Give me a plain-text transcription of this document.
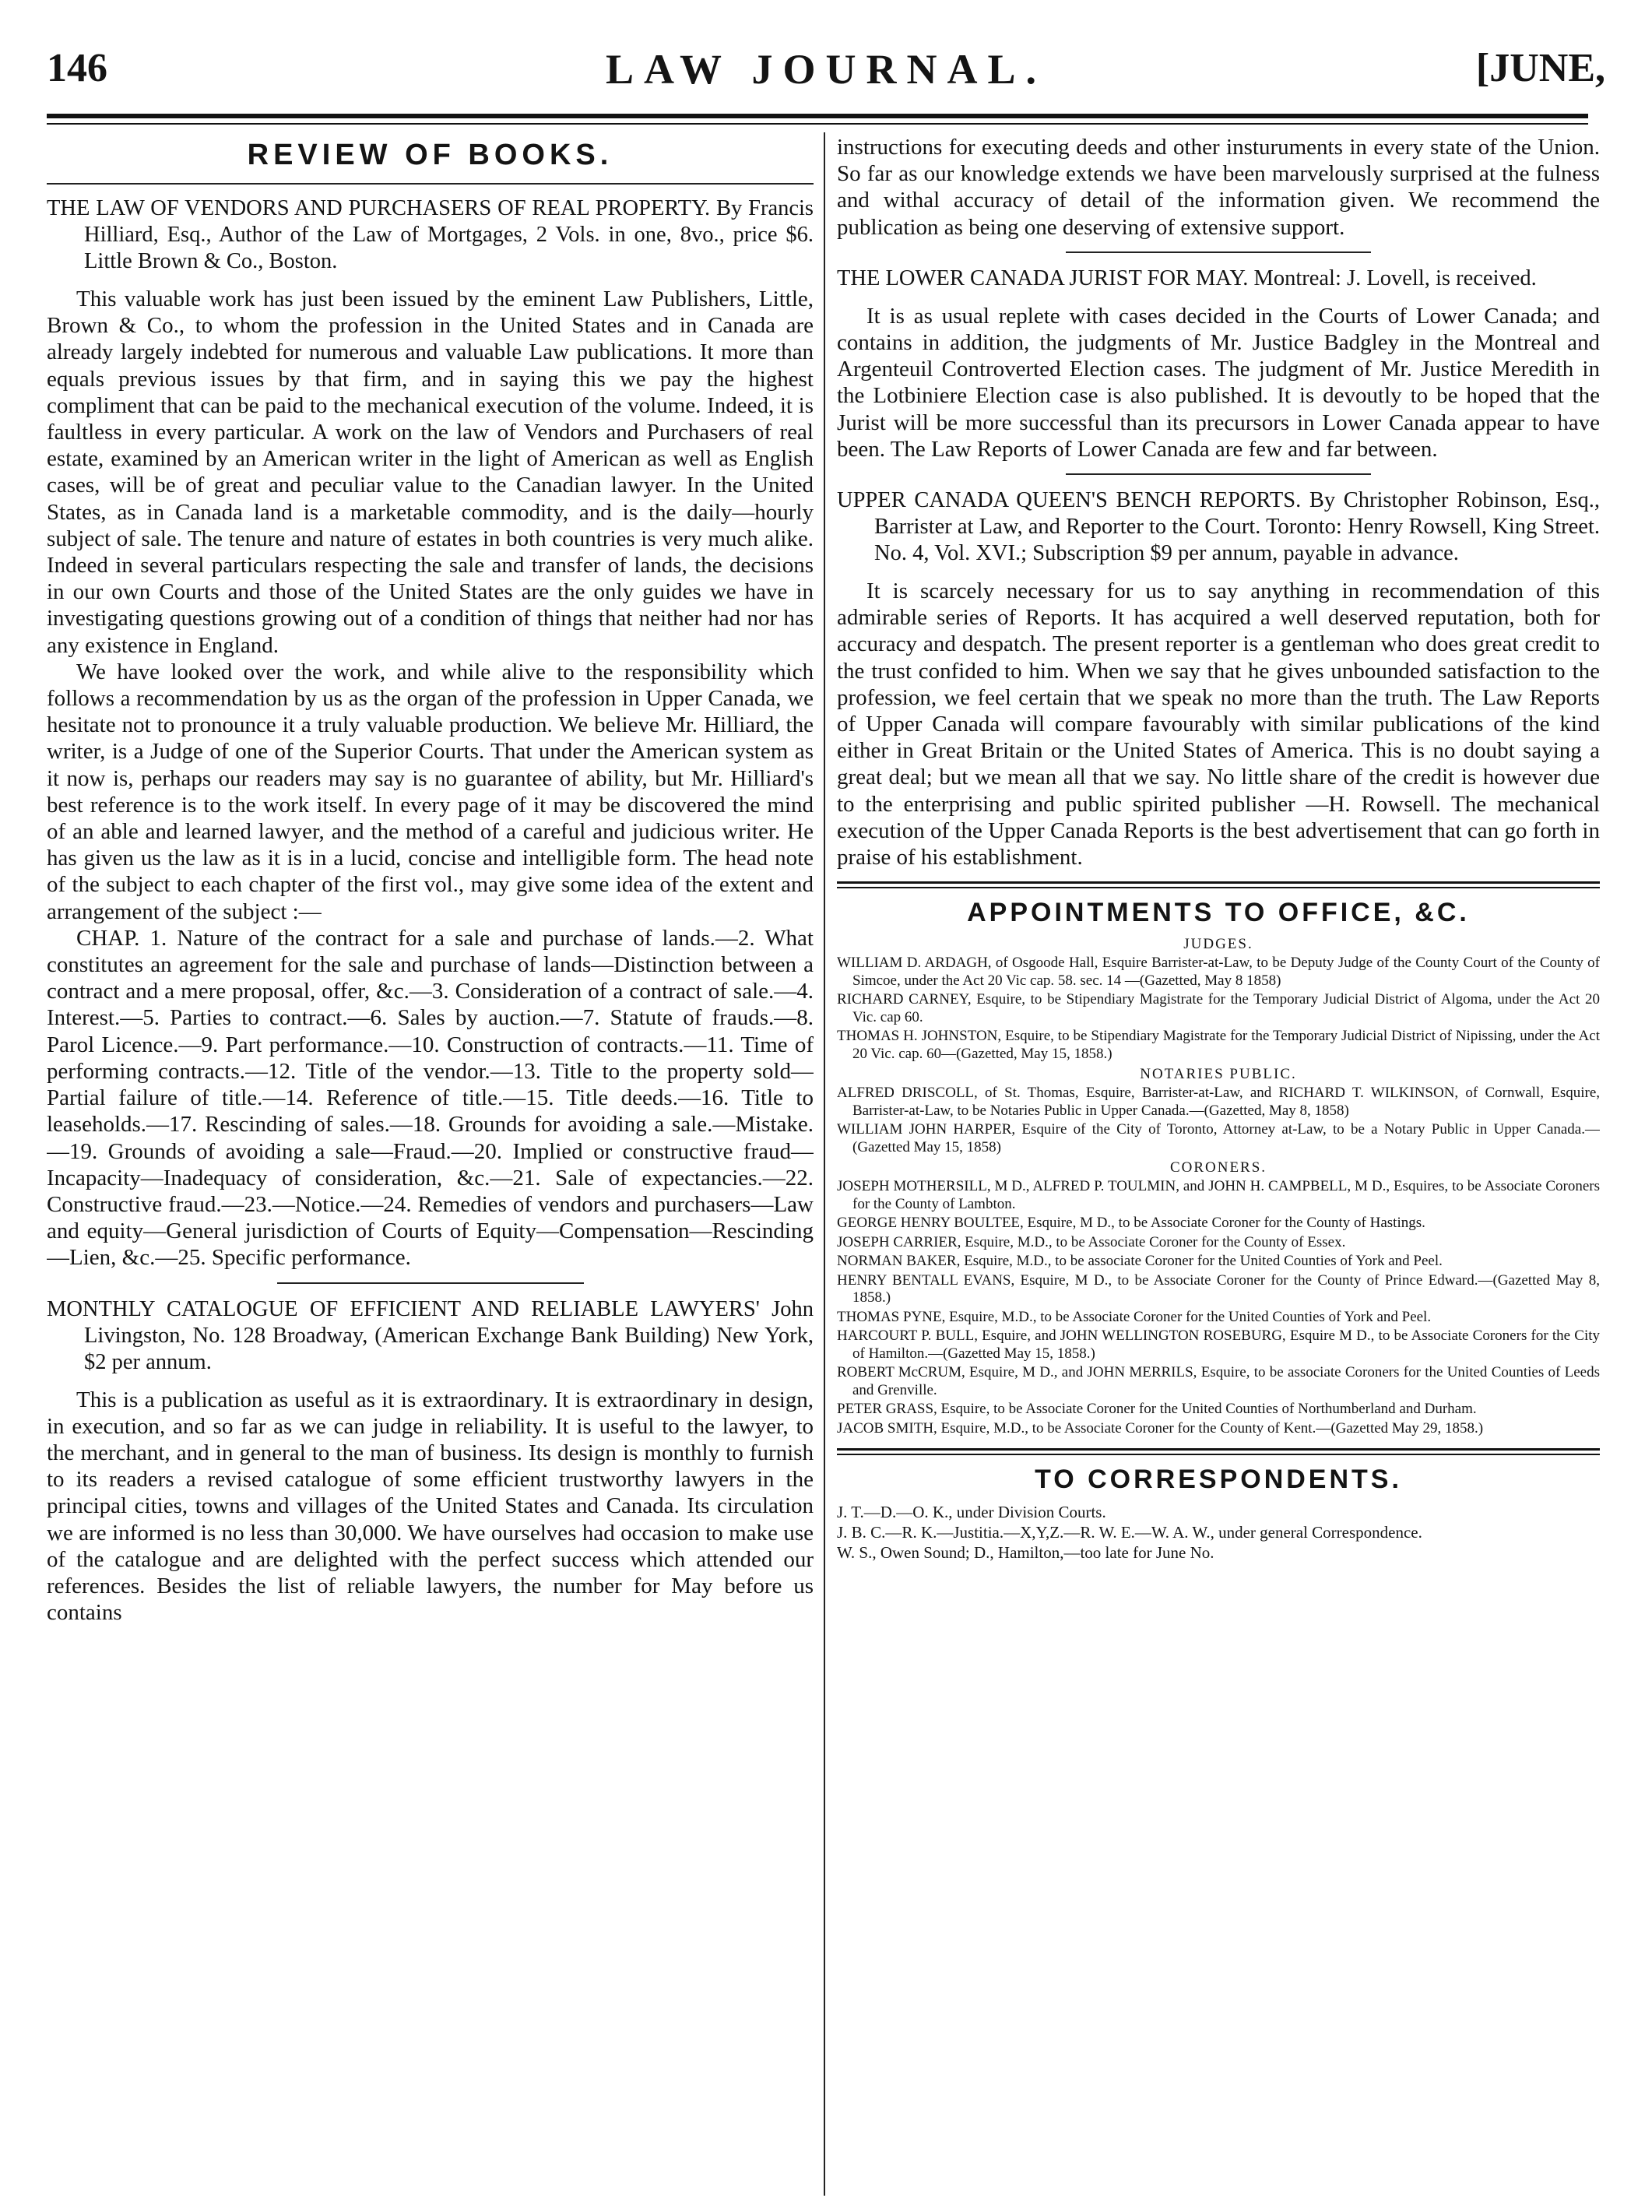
146	LAW JOURNAL.	[JUNE,
REVIEW OF BOOKS.

THE LAW OF VENDORS AND PURCHASERS OF REAL PROPERTY. By Francis Hilliard, Esq., Author of the Law of Mortgages, 2 Vols. in one, 8vo., price $6. Little Brown & Co., Boston.

This valuable work has just been issued by the eminent Law Publishers, Little, Brown & Co., to whom the profession in the United States and in Canada are already largely indebted for numerous and valuable Law publications. It more than equals previous issues by that firm, and in saying this we pay the highest compliment that can be paid to the mechanical execution of the volume. Indeed, it is faultless in every particular. A work on the law of Vendors and Purchasers of real estate, examined by an American writer in the light of American as well as English cases, will be of great and peculiar value to the Canadian lawyer. In the United States, as in Canada land is a marketable commodity, and is the daily—hourly subject of sale. The tenure and nature of estates in both countries is very much alike. Indeed in several particulars respecting the sale and transfer of lands, the decisions in our own Courts and those of the United States are the only guides we have in investigating questions growing out of a condition of things that neither had nor has any existence in England.

We have looked over the work, and while alive to the responsibility which follows a recommendation by us as the organ of the profession in Upper Canada, we hesitate not to pronounce it a truly valuable production. We believe Mr. Hilliard, the writer, is a Judge of one of the Superior Courts. That under the American system as it now is, perhaps our readers may say is no guarantee of ability, but Mr. Hilliard's best reference is to the work itself. In every page of it may be discovered the mind of an able and learned lawyer, and the method of a careful and judicious writer. He has given us the law as it is in a lucid, concise and intelligible form. The head note of the subject to each chapter of the first vol., may give some idea of the extent and arrangement of the subject :—

CHAP. 1. Nature of the contract for a sale and purchase of lands.—2. What constitutes an agreement for the sale and purchase of lands—Distinction between a contract and a mere proposal, offer, &c.—3. Consideration of a contract of sale.—4. Interest.—5. Parties to contract.—6. Sales by auction.—7. Statute of frauds.—8. Parol Licence.—9. Part performance.—10. Construction of contracts.—11. Time of performing contracts.—12. Title of the vendor.—13. Title to the property sold—Partial failure of title.—14. Reference of title.—15. Title deeds.—16. Title to leaseholds.—17. Rescinding of sales.—18. Grounds for avoiding a sale.—Mistake.—19. Grounds of avoiding a sale—Fraud.—20. Implied or constructive fraud—Incapacity—Inadequacy of consideration, &c.—21. Sale of expectancies.—22. Constructive fraud.—23.—Notice.—24. Remedies of vendors and purchasers—Law and equity—General jurisdiction of Courts of Equity—Compensation—Rescinding—Lien, &c.—25. Specific performance.

MONTHLY CATALOGUE OF EFFICIENT AND RELIABLE LAWYERS' John Livingston, No. 128 Broadway, (American Exchange Bank Building) New York, $2 per annum.

This is a publication as useful as it is extraordinary. It is extraordinary in design, in execution, and so far as we can judge in reliability. It is useful to the lawyer, to the merchant, and in general to the man of business. Its design is monthly to furnish to its readers a revised catalogue of some efficient trustworthy lawyers in the principal cities, towns and villages of the United States and Canada. Its circulation we are informed is no less than 30,000. We have ourselves had occasion to make use of the catalogue and are delighted with the perfect success which attended our references. Besides the list of reliable lawyers, the number for May before us contains

instructions for executing deeds and other insturuments in every state of the Union. So far as our knowledge extends we have been marvelously surprised at the fulness and withal accuracy of detail of the information given. We recommend the publication as being one deserving of extensive support.

THE LOWER CANADA JURIST FOR MAY. Montreal: J. Lovell, is received.

It is as usual replete with cases decided in the Courts of Lower Canada; and contains in addition, the judgments of Mr. Justice Badgley in the Montreal and Argenteuil Controverted Election cases. The judgment of Mr. Justice Meredith in the Lotbiniere Election case is also published. It is devoutly to be hoped that the Jurist will be more successful than its precursors in Lower Canada appear to have been. The Law Reports of Lower Canada are few and far between.

UPPER CANADA QUEEN'S BENCH REPORTS. By Christopher Robinson, Esq., Barrister at Law, and Reporter to the Court. Toronto: Henry Rowsell, King Street. No. 4, Vol. XVI.; Subscription $9 per annum, payable in advance.

It is scarcely necessary for us to say anything in recommendation of this admirable series of Reports. It has acquired a well deserved reputation, both for accuracy and despatch. The present reporter is a gentleman who does great credit to the trust confided to him. When we say that he gives unbounded satisfaction to the profession, we feel certain that we speak no more than the truth. The Law Reports of Upper Canada will compare favourably with similar publications of the kind either in Great Britain or the United States of America. This is no doubt saying a great deal; but we mean all that we say. No little share of the credit is however due to the enterprising and public spirited publisher —H. Rowsell. The mechanical execution of the Upper Canada Reports is the best advertisement that can go forth in praise of his establishment.

APPOINTMENTS TO OFFICE, &C.
JUDGES.

WILLIAM D. ARDAGH, of Osgoode Hall, Esquire Barrister-at-Law, to be Deputy Judge of the County Court of the County of Simcoe, under the Act 20 Vic cap. 58. sec. 14 —(Gazetted, May 8 1858)

RICHARD CARNEY, Esquire, to be Stipendiary Magistrate for the Temporary Judicial District of Algoma, under the Act 20 Vic. cap 60.

THOMAS H. JOHNSTON, Esquire, to be Stipendiary Magistrate for the Temporary Judicial District of Nipissing, under the Act 20 Vic. cap. 60—(Gazetted, May 15, 1858.)

NOTARIES PUBLIC.

ALFRED DRISCOLL, of St. Thomas, Esquire, Barrister-at-Law, and RICHARD T. WILKINSON, of Cornwall, Esquire, Barrister-at-Law, to be Notaries Public in Upper Canada.—(Gazetted, May 8, 1858)

WILLIAM JOHN HARPER, Esquire of the City of Toronto, Attorney at-Law, to be a Notary Public in Upper Canada.—(Gazetted May 15, 1858)

CORONERS.

JOSEPH MOTHERSILL, M D., ALFRED P. TOULMIN, and JOHN H. CAMPBELL, M D., Esquires, to be Associate Coroners for the County of Lambton.

GEORGE HENRY BOULTEE, Esquire, M D., to be Associate Coroner for the County of Hastings.

JOSEPH CARRIER, Esquire, M.D., to be Associate Coroner for the County of Essex.

NORMAN BAKER, Esquire, M.D., to be associate Coroner for the United Counties of York and Peel.

HENRY BENTALL EVANS, Esquire, M D., to be Associate Coroner for the County of Prince Edward.—(Gazetted May 8, 1858.)

THOMAS PYNE, Esquire, M.D., to be Associate Coroner for the United Counties of York and Peel.

HARCOURT P. BULL, Esquire, and JOHN WELLINGTON ROSEBURG, Esquire M D., to be Associate Coroners for the City of Hamilton.—(Gazetted May 15, 1858.)

ROBERT McCRUM, Esquire, M D., and JOHN MERRILS, Esquire, to be associate Coroners for the United Counties of Leeds and Grenville.

PETER GRASS, Esquire, to be Associate Coroner for the United Counties of Northumberland and Durham.

JACOB SMITH, Esquire, M.D., to be Associate Coroner for the County of Kent.—(Gazetted May 29, 1858.)

TO CORRESPONDENTS.

J. T.—D.—O. K., under Division Courts.

J. B. C.—R. K.—Justitia.—X,Y,Z.—R. W. E.—W. A. W., under general Correspondence.

W. S., Owen Sound; D., Hamilton,—too late for June No.
